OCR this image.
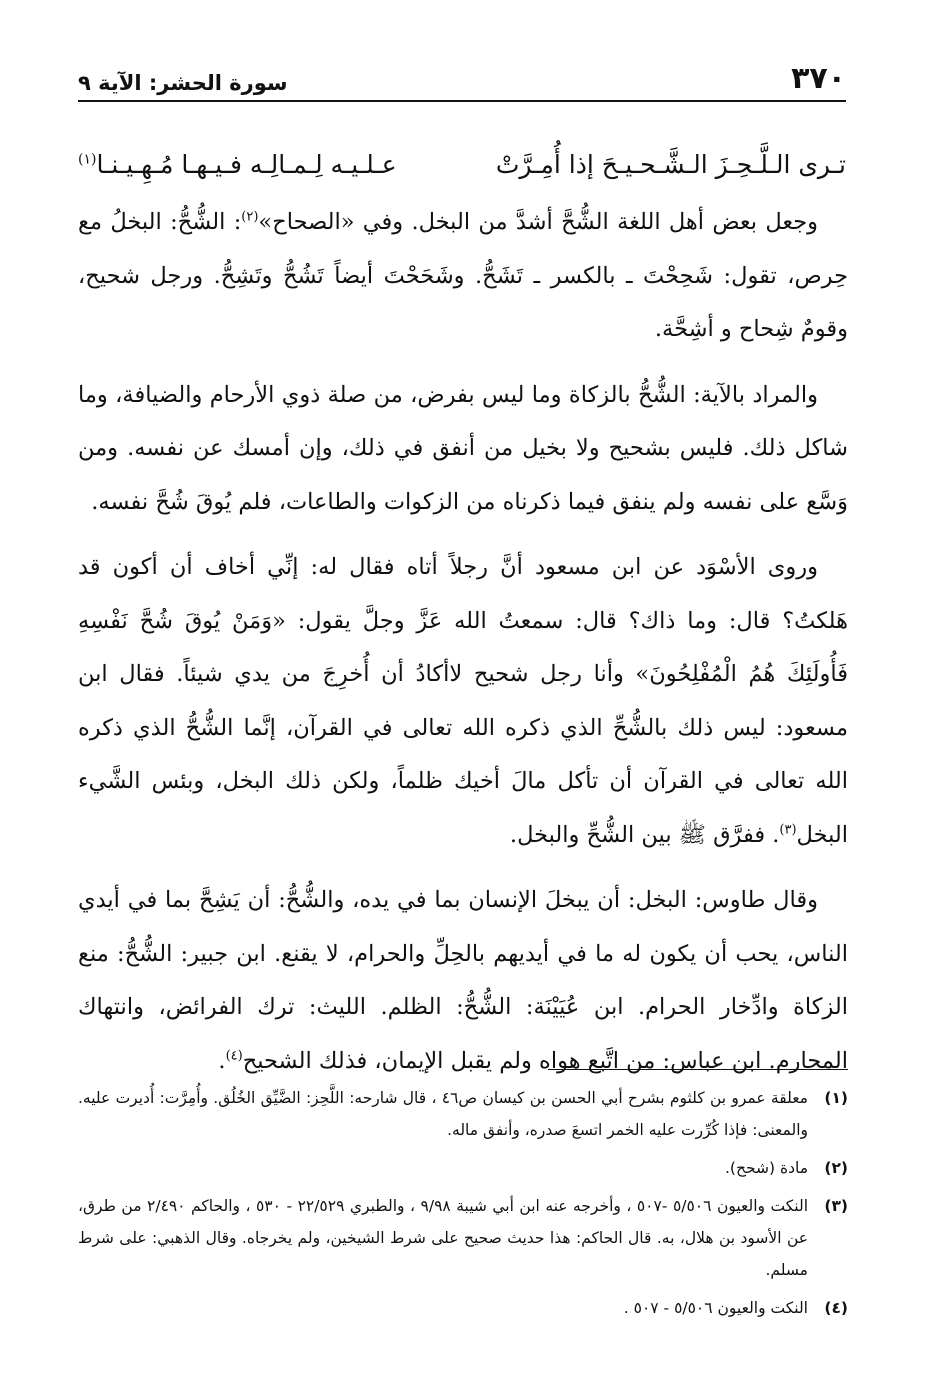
٣٧٠
سورة الحشر: الآية ٩
تـرى الـلَّـحِـزَ الـشَّـحـيـحَ إذا أُمِـرَّتْ
عـلـيـه لِـمـالِـه فـيـهـا مُـهِـيـنـا$^{(١)}$

وجعل بعض أهل اللغة الشُّحَّ أشدَّ من البخل. وفي «الصحاح»$^{(٢)}$: الشُّحُّ: البخلُ مع حِرص، تقول: شَحِحْتَ ـ بالكسر ـ تَشَحُّ. وشَحَحْتَ أيضاً تَشُحُّ وتَشِحُّ. ورجل شحيح، وقومٌ شِحاح و أشِحَّة.

والمراد بالآية: الشُّحُّ بالزكاة وما ليس بفرض، من صلة ذوي الأرحام والضيافة، وما شاكل ذلك. فليس بشحيح ولا بخيل من أنفق في ذلك، وإن أمسك عن نفسه. ومن وَسَّع على نفسه ولم ينفق فيما ذكرناه من الزكوات والطاعات، فلم يُوقَ شُحَّ نفسه.

وروى الأسْوَد عن ابن مسعود أنَّ رجلاً أتاه فقال له: إنِّي أخاف أن أكون قد هَلكتُ؟ قال: وما ذاك؟ قال: سمعتُ الله عَزَّ وجلَّ يقول: «وَمَنْ يُوقَ شُحَّ نَفْسِهِ فَأُولَئِكَ هُمُ الْمُفْلِحُونَ» وأنا رجل شحيح لاأكادُ أن أُخرِجَ من يدي شيئاً. فقال ابن مسعود: ليس ذلك بالشُّحِّ الذي ذكره الله تعالى في القرآن، إنَّما الشُّحُّ الذي ذكره الله تعالى في القرآن أن تأكل مالَ أخيك ظلماً، ولكن ذلك البخل، وبئس الشَّيء البخل$^{(٣)}$. ففرَّق ﷺ بين الشُّحِّ والبخل.

وقال طاوس: البخل: أن يبخلَ الإنسان بما في يده، والشُّحُّ: أن يَشِحَّ بما في أيدي الناس، يحب أن يكون له ما في أيديهم بالحِلِّ والحرام، لا يقنع. ابن جبير: الشُّحُّ: منع الزكاة وادِّخار الحرام. ابن عُيَيْنَة: الشُّحُّ: الظلم. الليث: ترك الفرائض، وانتهاك المحارم. ابن عباس: من اتَّبع هواه ولم يقبل الإيمان، فذلك الشحيح$^{(٤)}$.

(١)
معلقة عمرو بن كلثوم بشرح أبي الحسن بن كيسان ص٤٦ ، قال شارحه: اللَّحِز: الضَّيِّق الخُلُق. وأُمِرَّت: أُديرت عليه. والمعنى: فإذا كُرِّرت عليه الخمر اتسعَ صدره، وأنفق ماله.
(٢)
مادة (شحح).
(٣)
النكت والعيون ٥/٥٠٦ -٥٠٧ ، وأخرجه عنه ابن أبي شيبة ٩/٩٨ ، والطبري ٢٢/٥٢٩ - ٥٣٠ ، والحاكم ٢/٤٩٠ من طرق، عن الأسود بن هلال، به. قال الحاكم: هذا حديث صحيح على شرط الشيخين، ولم يخرجاه. وقال الذهبي: على شرط مسلم.
(٤)
النكت والعيون ٥/٥٠٦ - ٥٠٧ .
